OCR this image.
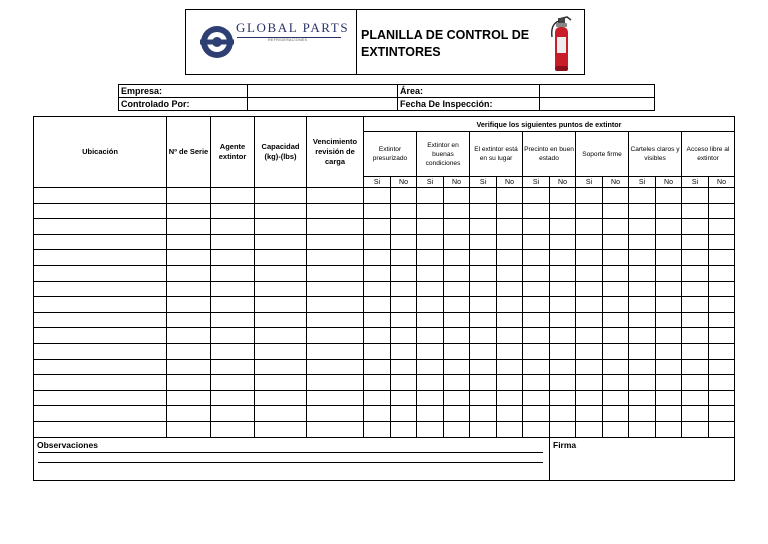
GLOBAL PARTS
REFRIGERACIONES	PLANILLA DE CONTROL DE EXTINTORES
Empresa:		Área:	
Controlado Por:		Fecha De Inspección:	
Ubicación	Nº de Serie	Agente extintor	Capacidad (kg)-(lbs)	Vencimiento revisión de carga	Verifique los siguientes puntos de extintor													
					Extintor presurizado		Extintor en buenas condiciones		El extintor está en su lugar		Precinto en buen estado		Soporte firme		Carteles claros y visibles		Acceso libre al extintor	
					Si	No	Si	No	Si	No	Si	No	Si	No	Si	No	Si	No

Observaciones												Firma						
